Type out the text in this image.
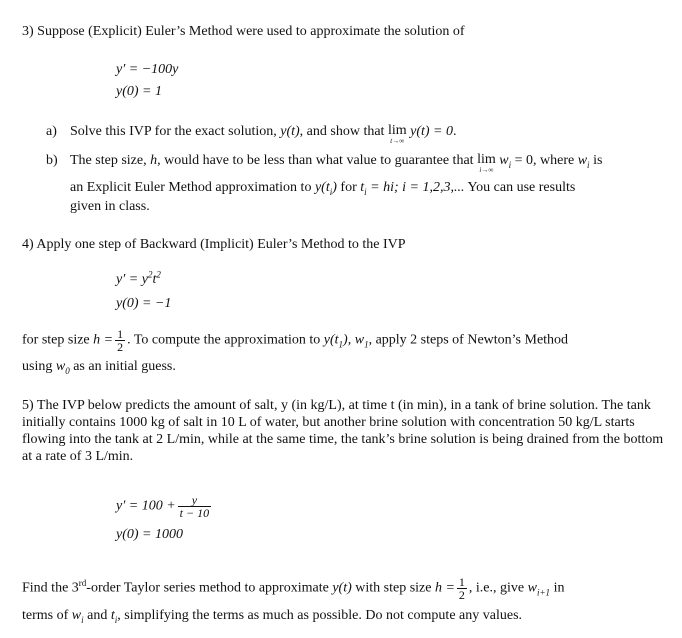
3) Suppose (Explicit) Euler’s Method were used to approximate the solution of
y′ = −100y
y(0) = 1
a) Solve this IVP for the exact solution, y(t), and show that lim
t→∞
y(t) = 0.
b) The step size, h, would have to be less than what value to guarantee that lim
i→∞
$w_i = 0$, where $w_i$ is
an Explicit Euler Method approximation to $y(t_i)$ for $t_i$ = hi; i = 1,2,3,... You can use results
given in class.
4) Apply one step of Backward (Implicit) Euler’s Method to the IVP
$y' = y^2t^2$
y(0) = −1
for step size $h = \frac{1}{2}$ . To compute the approximation to $y(t_1)$, $w_1$, apply 2 steps of Newton’s Method
using $w_0$ as an initial guess.
5) The IVP below predicts the amount of salt, y (in kg/L), at time t (in min), in a tank of brine solution. The tank initially contains 1000 kg of salt in 10 L of water, but another brine solution with concentration 50 kg/L starts flowing into the tank at 2 L/min, while at the same time, the tank’s brine solution is being drained from the bottom at a rate of 3 L/min.
$y' = 100 + \frac{y}{t - 10}$
y(0) = 1000
Find the 3rd-order Taylor series method to approximate y(t) with step size $h = \frac{1}{2}$ , i.e., give $w_{i+1}$ in
terms of $w_i$ and $t_i$, simplifying the terms as much as possible. Do not compute any values.
